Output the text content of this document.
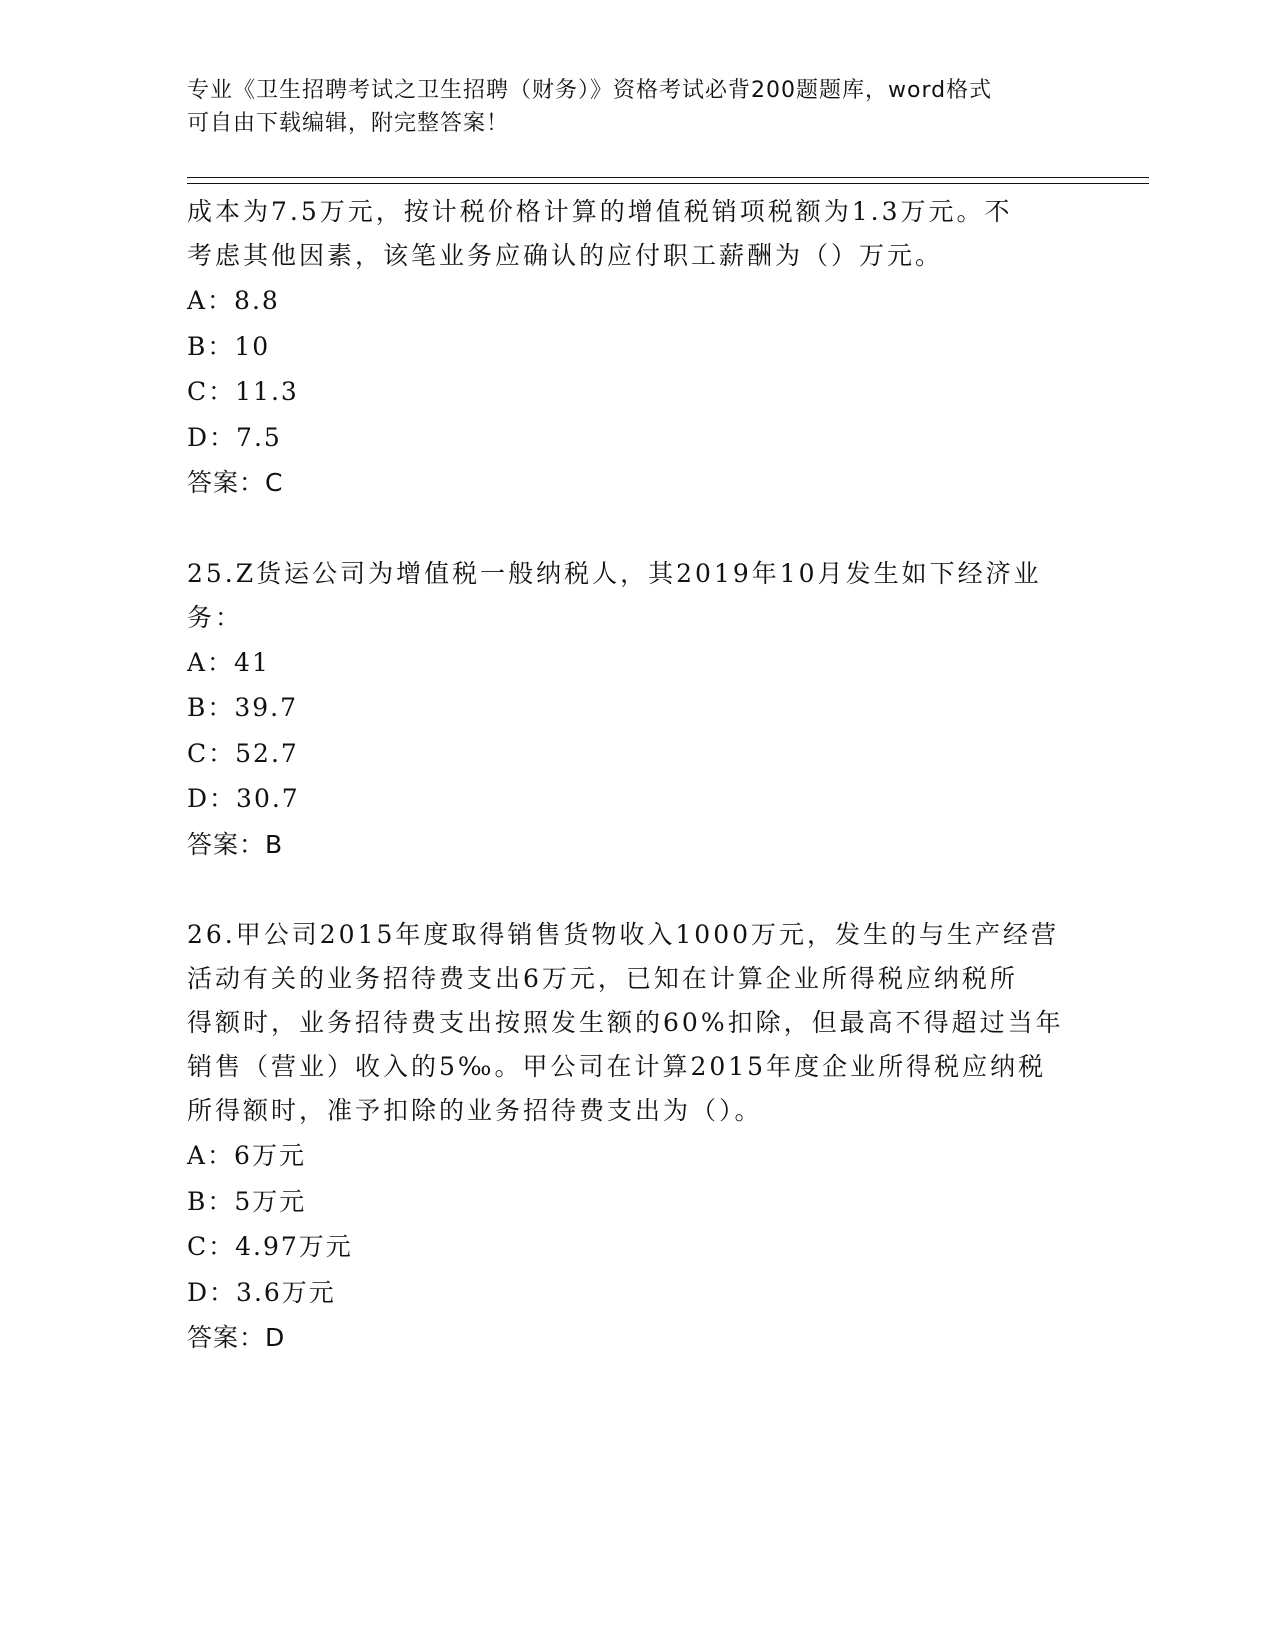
专业《卫生招聘考试之卫生招聘（财务）》资格考试必背200题题库，word格式
可自由下载编辑，附完整答案！

成本为7.5万元，按计税价格计算的增值税销项税额为1.3万元。不

考虑其他因素，该笔业务应确认的应付职工薪酬为（）万元。

A：8.8

B：10

C：11.3

D：7.5

答案：C

25.Z货运公司为增值税一般纳税人，其2019年10月发生如下经济业

务：

A：41

B：39.7

C：52.7

D：30.7

答案：B

26.甲公司2015年度取得销售货物收入1000万元，发生的与生产经营

活动有关的业务招待费支出6万元，已知在计算企业所得税应纳税所

得额时，业务招待费支出按照发生额的60%扣除，但最高不得超过当年

销售（营业）收入的5‰。甲公司在计算2015年度企业所得税应纳税

所得额时，准予扣除的业务招待费支出为（）。

A：6万元

B：5万元

C：4.97万元

D：3.6万元

答案：D
